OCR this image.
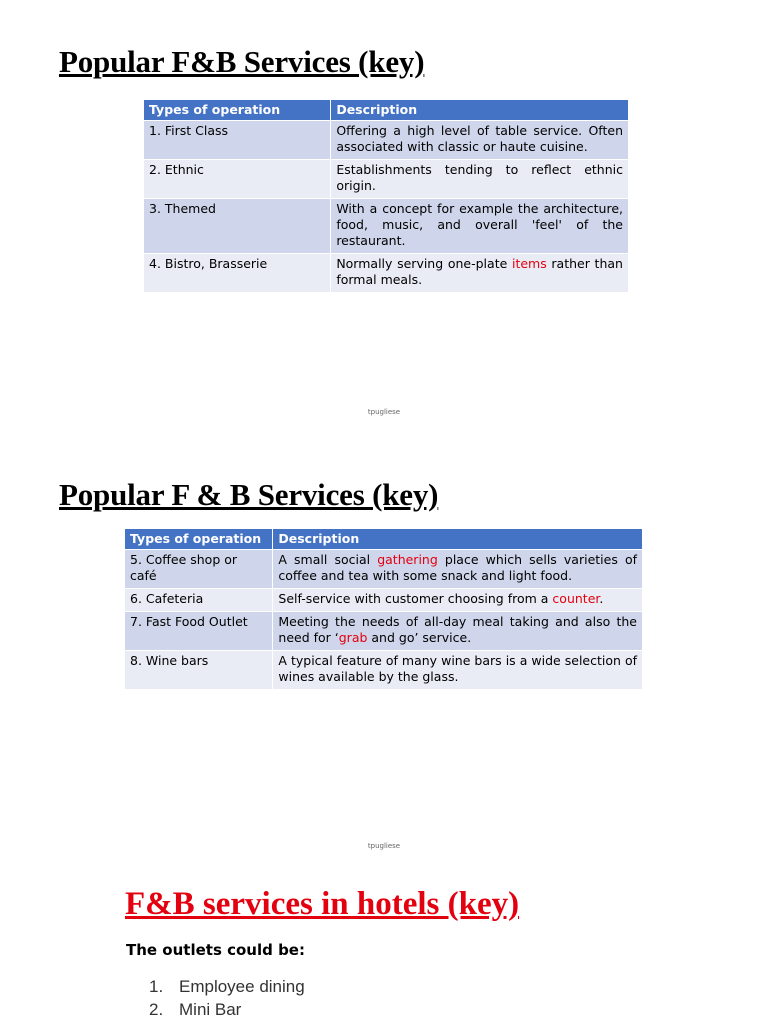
Popular F&B Services (key)
Types of operation	Description
1. First Class	Offering a high level of table service. Often associated with classic or haute cuisine.
2. Ethnic	Establishments tending to reflect ethnic origin.
3. Themed	With a concept for example the architecture, food, music, and overall 'feel' of the restaurant.
4. Bistro, Brasserie	Normally serving one-plate items rather than formal meals.
tpugliese
Popular F & B Services (key)
Types of operation	Description
5. Coffee shop or café	A small social gathering place which sells varieties of coffee and tea with some snack and light food.
6. Cafeteria	Self-service with customer choosing from a counter.
7. Fast Food Outlet	Meeting the needs of all-day meal taking and also the need for ‘grab and go’ service.
8. Wine bars	A typical feature of many wine bars is a wide selection of wines available by the glass.
tpugliese
F&B services in hotels (key)
The outlets could be:
1. Employee dining
2. Mini Bar
